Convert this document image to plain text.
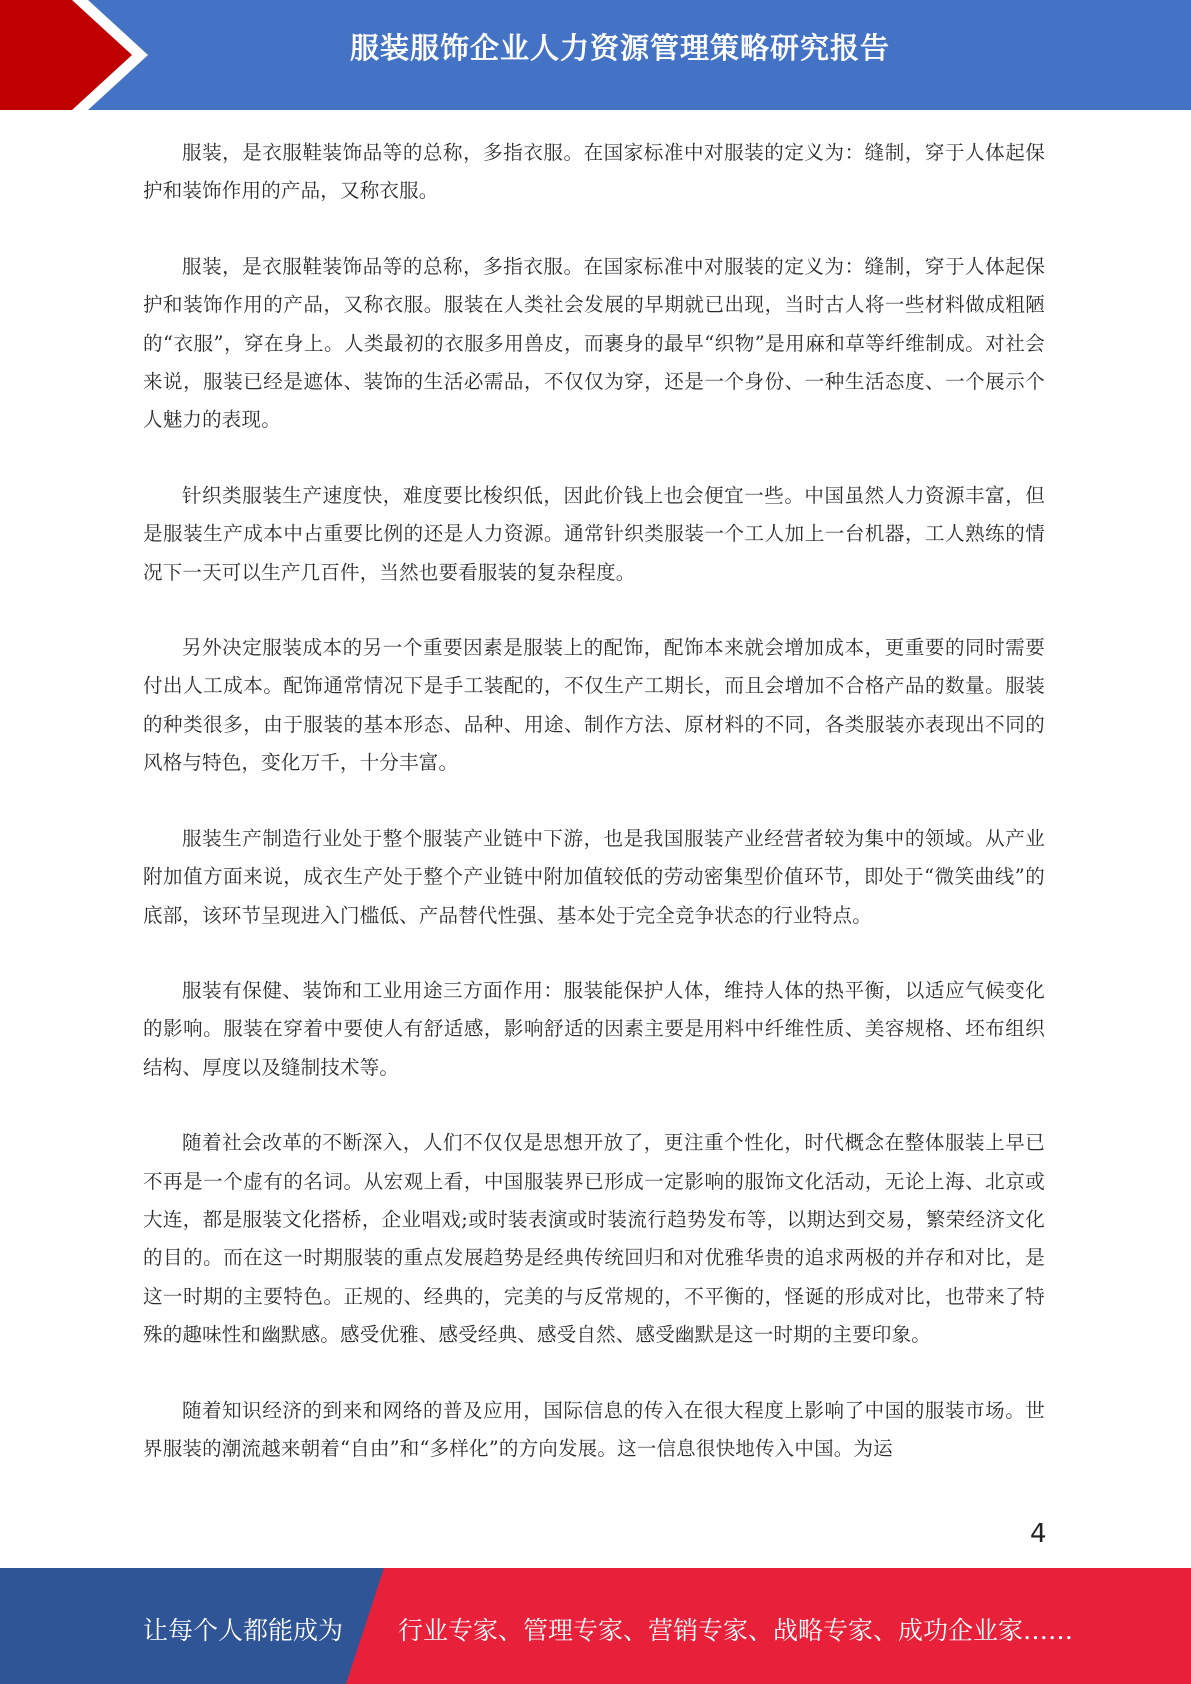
服装服饰企业人力资源管理策略研究报告

服装，是衣服鞋装饰品等的总称，多指衣服。在国家标准中对服装的定义为：缝制，穿于人体起保护和装饰作用的产品，又称衣服。

服装，是衣服鞋装饰品等的总称，多指衣服。在国家标准中对服装的定义为：缝制，穿于人体起保护和装饰作用的产品，又称衣服。服装在人类社会发展的早期就已出现，当时古人将一些材料做成粗陋的“衣服”，穿在身上。人类最初的衣服多用兽皮，而裹身的最早“织物”是用麻和草等纤维制成。对社会来说，服装已经是遮体、装饰的生活必需品，不仅仅为穿，还是一个身份、一种生活态度、一个展示个人魅力的表现。

针织类服装生产速度快，难度要比梭织低，因此价钱上也会便宜一些。中国虽然人力资源丰富，但是服装生产成本中占重要比例的还是人力资源。通常针织类服装一个工人加上一台机器，工人熟练的情况下一天可以生产几百件，当然也要看服装的复杂程度。

另外决定服装成本的另一个重要因素是服装上的配饰，配饰本来就会增加成本，更重要的同时需要付出人工成本。配饰通常情况下是手工装配的，不仅生产工期长，而且会增加不合格产品的数量。服装的种类很多，由于服装的基本形态、品种、用途、制作方法、原材料的不同，各类服装亦表现出不同的风格与特色，变化万千，十分丰富。

服装生产制造行业处于整个服装产业链中下游，也是我国服装产业经营者较为集中的领域。从产业附加值方面来说，成衣生产处于整个产业链中附加值较低的劳动密集型价值环节，即处于“微笑曲线”的底部，该环节呈现进入门槛低、产品替代性强、基本处于完全竞争状态的行业特点。

服装有保健、装饰和工业用途三方面作用：服装能保护人体，维持人体的热平衡，以适应气候变化的影响。服装在穿着中要使人有舒适感，影响舒适的因素主要是用料中纤维性质、美容规格、坯布组织结构、厚度以及缝制技术等。

随着社会改革的不断深入，人们不仅仅是思想开放了，更注重个性化，时代概念在整体服装上早已不再是一个虚有的名词。从宏观上看，中国服装界已形成一定影响的服饰文化活动，无论上海、北京或大连，都是服装文化搭桥，企业唱戏;或时装表演或时装流行趋势发布等，以期达到交易，繁荣经济文化的目的。而在这一时期服装的重点发展趋势是经典传统回归和对优雅华贵的追求两极的并存和对比，是这一时期的主要特色。正规的、经典的，完美的与反常规的，不平衡的，怪诞的形成对比，也带来了特殊的趣味性和幽默感。感受优雅、感受经典、感受自然、感受幽默是这一时期的主要印象。

随着知识经济的到来和网络的普及应用，国际信息的传入在很大程度上影响了中国的服装市场。世界服装的潮流越来朝着“自由”和“多样化”的方向发展。这一信息很快地传入中国。为运

4
让每个人都能成为 行业专家、管理专家、营销专家、战略专家、成功企业家……
